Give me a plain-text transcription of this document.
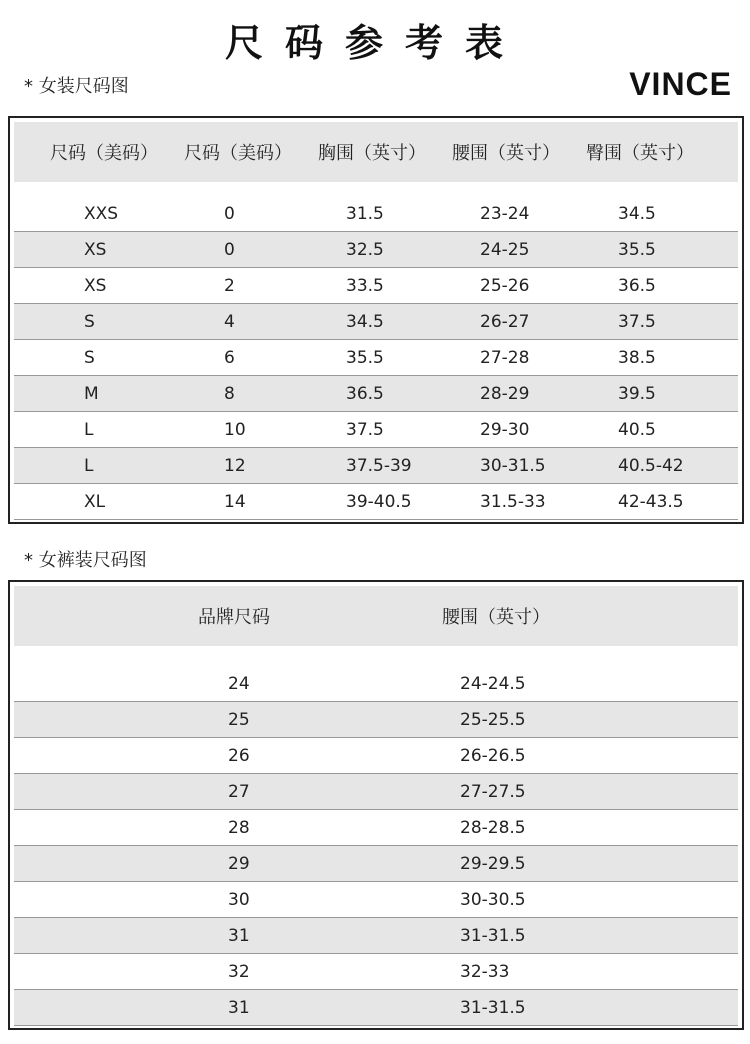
尺码参考表
* 女装尺码图	VINCE
尺码（美码） 尺码（美码） 胸围（英寸） 腰围（英寸） 臀围（英寸）
XXS	0	31.5	23-24	34.5
XS	0	32.5	24-25	35.5
XS	2	33.5	25-26	36.5
S	4	34.5	26-27	37.5
S	6	35.5	27-28	38.5
M	8	36.5	28-29	39.5
L	10	37.5	29-30	40.5
L	12	37.5-39	30-31.5	40.5-42
XL	14	39-40.5	31.5-33	42-43.5
* 女裤装尺码图
品牌尺码	腰围（英寸）
24	24-24.5
25	25-25.5
26	26-26.5
27	27-27.5
28	28-28.5
29	29-29.5
30	30-30.5
31	31-31.5
32	32-33
31	31-31.5
